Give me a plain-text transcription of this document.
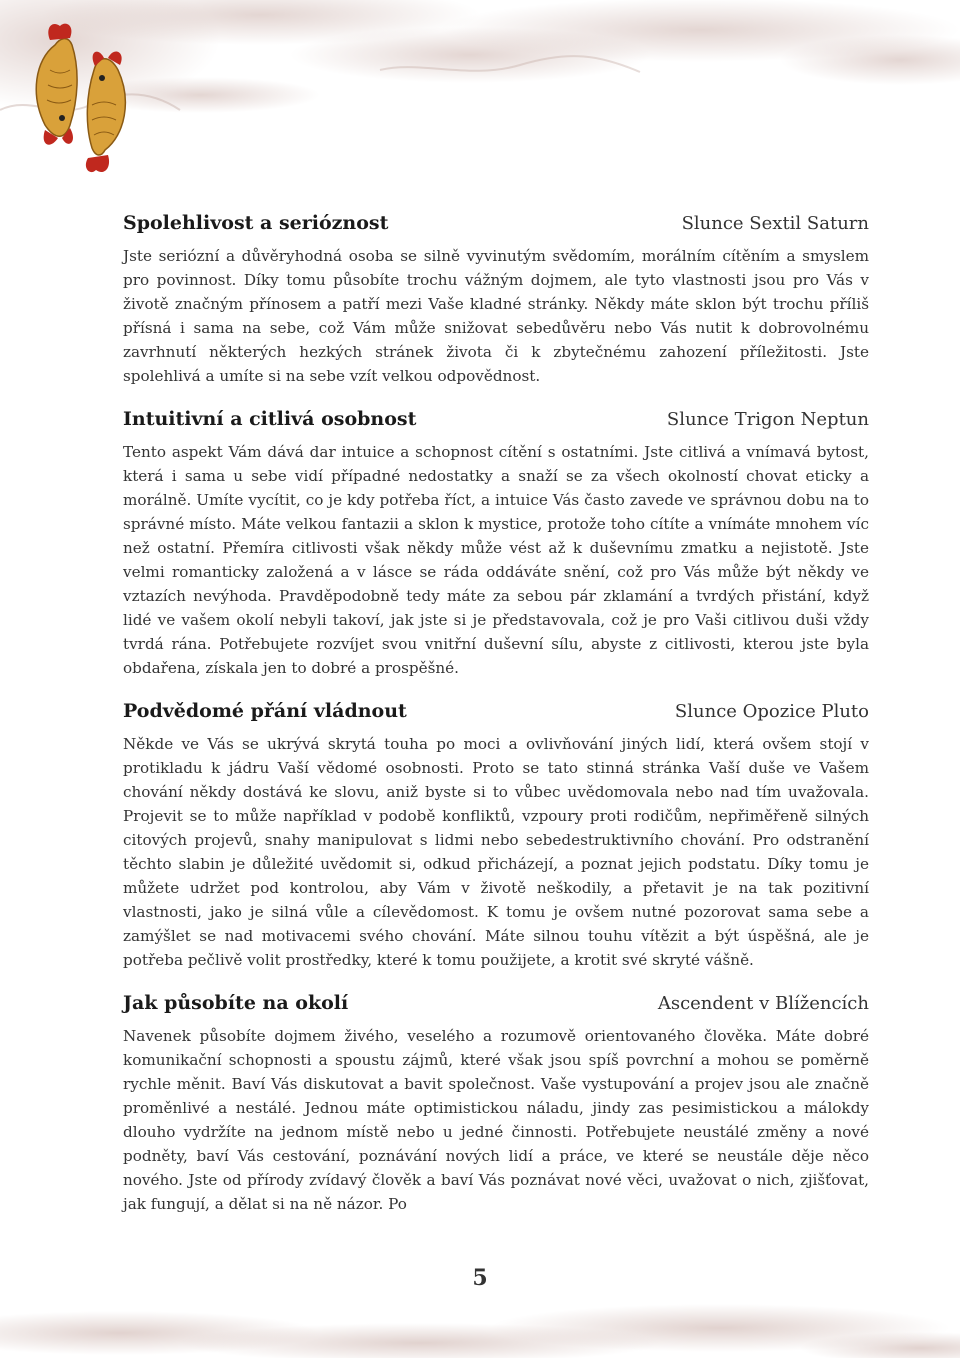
Spolehlivost a serióznost	Slunce Sextil Saturn

Jste seriózní a důvěryhodná osoba se silně vyvinutým svědomím, morálním cítěním a smyslem pro povinnost. Díky tomu působíte trochu vážným dojmem, ale tyto vlastnosti jsou pro Vás v životě značným přínosem a patří mezi Vaše kladné stránky. Někdy máte sklon být trochu příliš přísná i sama na sebe, což Vám může snižovat sebedůvěru nebo Vás nutit k dobrovolnému zavrhnutí některých hezkých stránek života či k zbytečnému zahození příležitosti. Jste spolehlivá a umíte si na sebe vzít velkou odpovědnost.

Intuitivní a citlivá osobnost	Slunce Trigon Neptun

Tento aspekt Vám dává dar intuice a schopnost cítění s ostatními. Jste citlivá a vnímavá bytost, která i sama u sebe vidí případné nedostatky a snaží se za všech okolností chovat eticky a morálně. Umíte vycítit, co je kdy potřeba říct, a intuice Vás často zavede ve správnou dobu na to správné místo. Máte velkou fantazii a sklon k mystice, protože toho cítíte a vnímáte mnohem víc než ostatní. Přemíra citlivosti však někdy může vést až k duševnímu zmatku a nejistotě. Jste velmi romanticky založená a v lásce se ráda oddáváte snění, což pro Vás může být někdy ve vztazích nevýhoda. Pravděpodobně tedy máte za sebou pár zklamání a tvrdých přistání, když lidé ve vašem okolí nebyli takoví, jak jste si je představovala, což je pro Vaši citlivou duši vždy tvrdá rána. Potřebujete rozvíjet svou vnitřní duševní sílu, abyste z citlivosti, kterou jste byla obdařena, získala jen to dobré a prospěšné.

Podvědomé přání vládnout	Slunce Opozice Pluto

Někde ve Vás se ukrývá skrytá touha po moci a ovlivňování jiných lidí, která ovšem stojí v protikladu k jádru Vaší vědomé osobnosti. Proto se tato stinná stránka Vaší duše ve Vašem chování někdy dostává ke slovu, aniž byste si to vůbec uvědomovala nebo nad tím uvažovala. Projevit se to může například v podobě konfliktů, vzpoury proti rodičům, nepřiměřeně silných citových projevů, snahy manipulovat s lidmi nebo sebedestruktivního chování. Pro odstranění těchto slabin je důležité uvědomit si, odkud přicházejí, a poznat jejich podstatu. Díky tomu je můžete udržet pod kontrolou, aby Vám v životě neškodily, a přetavit je na tak pozitivní vlastnosti, jako je silná vůle a cílevědomost. K tomu je ovšem nutné pozorovat sama sebe a zamýšlet se nad motivacemi svého chování. Máte silnou touhu vítězit a být úspěšná, ale je potřeba pečlivě volit prostředky, které k tomu použijete, a krotit své skryté vášně.

Jak působíte na okolí	Ascendent v Blížencích

Navenek působíte dojmem živého, veselého a rozumově orientovaného člověka. Máte dobré komunikační schopnosti a spoustu zájmů, které však jsou spíš povrchní a mohou se poměrně rychle měnit. Baví Vás diskutovat a bavit společnost. Vaše vystupování a projev jsou ale značně proměnlivé a nestálé. Jednou máte optimistickou náladu, jindy zas pesimistickou a málokdy dlouho vydržíte na jednom místě nebo u jedné činnosti. Potřebujete neustálé změny a nové podněty, baví Vás cestování, poznávání nových lidí a práce, ve které se neustále děje něco nového. Jste od přírody zvídavý člověk a baví Vás poznávat nové věci, uvažovat o nich, zjišťovat, jak fungují, a dělat si na ně názor. Po

5
